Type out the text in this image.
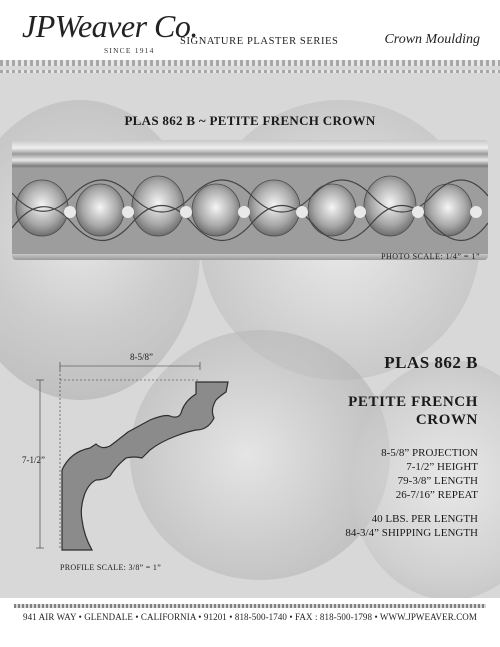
JPWeaver Co.
SINCE 1914
SIGNATURE PLASTER SERIES	Crown Moulding
PLAS 862 B ~ PETITE FRENCH CROWN
PHOTO SCALE: 1/4” = 1”
8-5/8”
7-1/2”
PROFILE SCALE: 3/8” = 1”
PLAS 862 B
PETITE FRENCH
CROWN
8-5/8” PROJECTION
7-1/2” HEIGHT
79-3/8” LENGTH
26-7/16” REPEAT
40 LBS. PER LENGTH
84-3/4” SHIPPING LENGTH
941 AIR WAY • GLENDALE • CALIFORNIA • 91201 • 818-500-1740 • FAX : 818-500-1798 • WWW.JPWEAVER.COM
